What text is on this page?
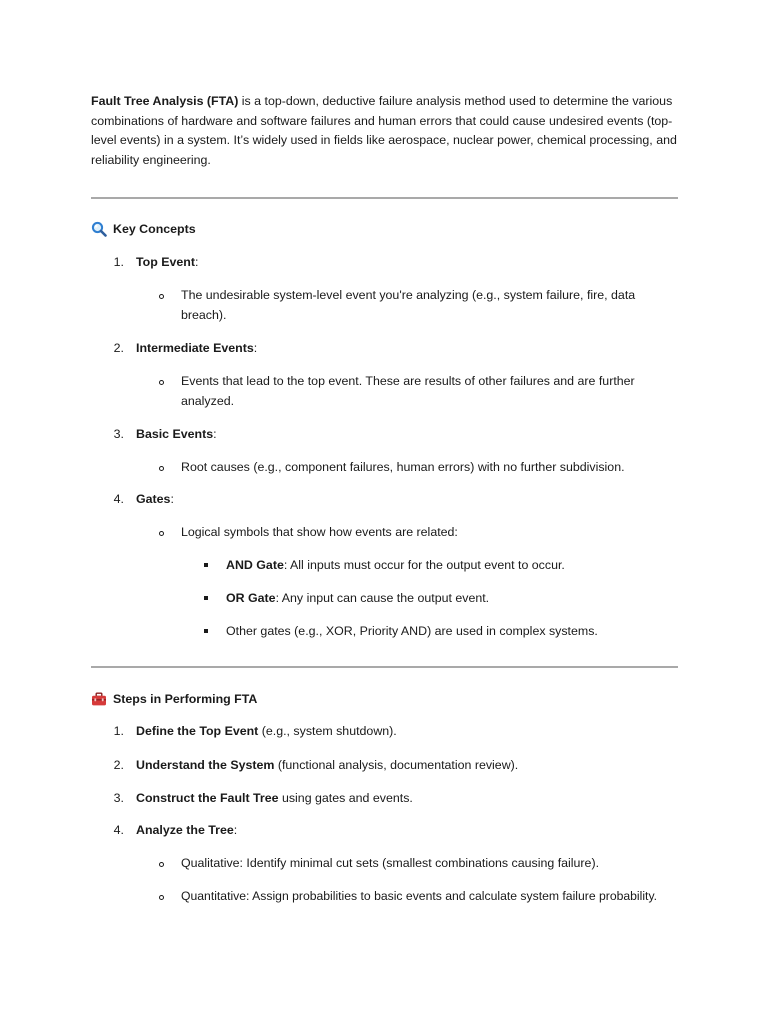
Fault Tree Analysis (FTA) is a top-down, deductive failure analysis method used to determine the various combinations of hardware and software failures and human errors that could cause undesired events (top-level events) in a system. It’s widely used in fields like aerospace, nuclear power, chemical processing, and reliability engineering.

Key Concepts
1. Top Event:
The undesirable system-level event you're analyzing (e.g., system failure, fire, data breach).
2. Intermediate Events:
Events that lead to the top event. These are results of other failures and are further analyzed.
3. Basic Events:
Root causes (e.g., component failures, human errors) with no further subdivision.
4. Gates:
Logical symbols that show how events are related:
AND Gate: All inputs must occur for the output event to occur.
OR Gate: Any input can cause the output event.
Other gates (e.g., XOR, Priority AND) are used in complex systems.
Steps in Performing FTA
1. Define the Top Event (e.g., system shutdown).
2. Understand the System (functional analysis, documentation review).
3. Construct the Fault Tree using gates and events.
4. Analyze the Tree:
Qualitative: Identify minimal cut sets (smallest combinations causing failure).
Quantitative: Assign probabilities to basic events and calculate system failure probability.
